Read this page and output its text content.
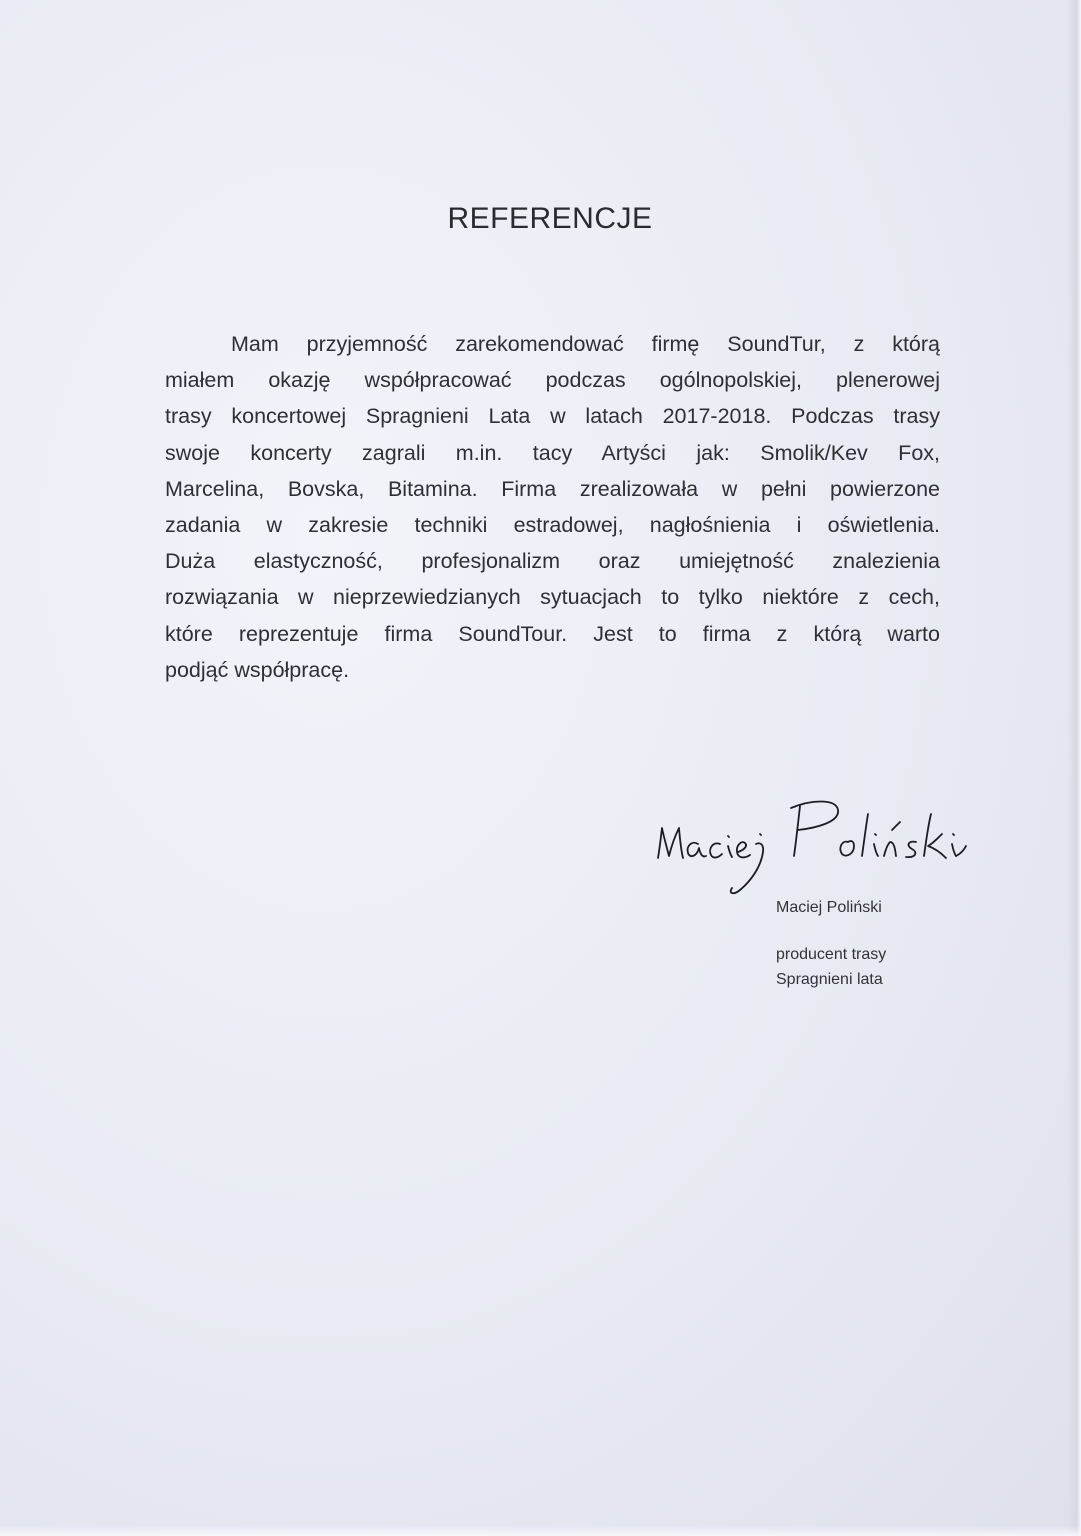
REFERENCJE
Mam przyjemność zarekomendować firmę SoundTur, z którą
miałem okazję współpracować podczas ogólnopolskiej, plenerowej
trasy koncertowej Spragnieni Lata w latach 2017-2018. Podczas trasy
swoje koncerty zagrali m.in. tacy Artyści jak: Smolik/Kev Fox,
Marcelina, Bovska, Bitamina. Firma zrealizowała w pełni powierzone
zadania w zakresie techniki estradowej, nagłośnienia i oświetlenia.
Duża elastyczność, profesjonalizm oraz umiejętność znalezienia
rozwiązania w nieprzewiedzianych sytuacjach to tylko niektóre z cech,
które reprezentuje firma SoundTour. Jest to firma z którą warto
podjąć współpracę.
Maciej Poliński
producent trasy
Spragnieni lata
